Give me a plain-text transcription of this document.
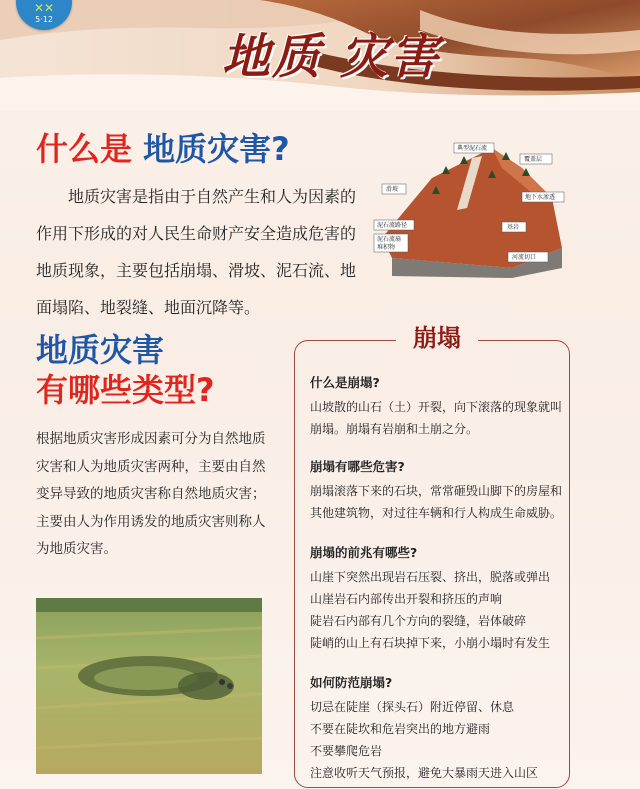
✕✕
5·12
地质 灾害
什么是 地质灾害?
地质灾害是指由于自然产生和人为因素的作用下形成的对人民生命财产安全造成危害的地质现象，主要包括崩塌、滑坡、泥石流、地面塌陷、地裂缝、地面沉降等。
典型泥石流
覆盖层
滑坡
地下水渗透
泥石流路径	基岩
泥石流扇
堆积物
河流切口
地质灾害
有哪些类型?
根据地质灾害形成因素可分为自然地质灾害和人为地质灾害两种，主要由自然变异导致的地质灾害称自然地质灾害；主要由人为作用诱发的地质灾害则称人为地质灾害。
崩塌
什么是崩塌?
山坡散的山石（土）开裂，向下滚落的现象就叫
崩塌。崩塌有岩崩和土崩之分。
崩塌有哪些危害?
崩塌滚落下来的石块，常常砸毁山脚下的房屋和
其他建筑物，对过往车辆和行人构成生命威胁。
崩塌的前兆有哪些?
山崖下突然出现岩石压裂、挤出，脱落或弹出
山崖岩石内部传出开裂和挤压的声响
陡岩石内部有几个方向的裂缝，岩体破碎
陡峭的山上有石块掉下来，小崩小塌时有发生
如何防范崩塌?
切忌在陡崖（探头石）附近停留、休息
不要在陡坎和危岩突出的地方避雨
不要攀爬危岩
注意收听天气预报，避免大暴雨天进入山区
